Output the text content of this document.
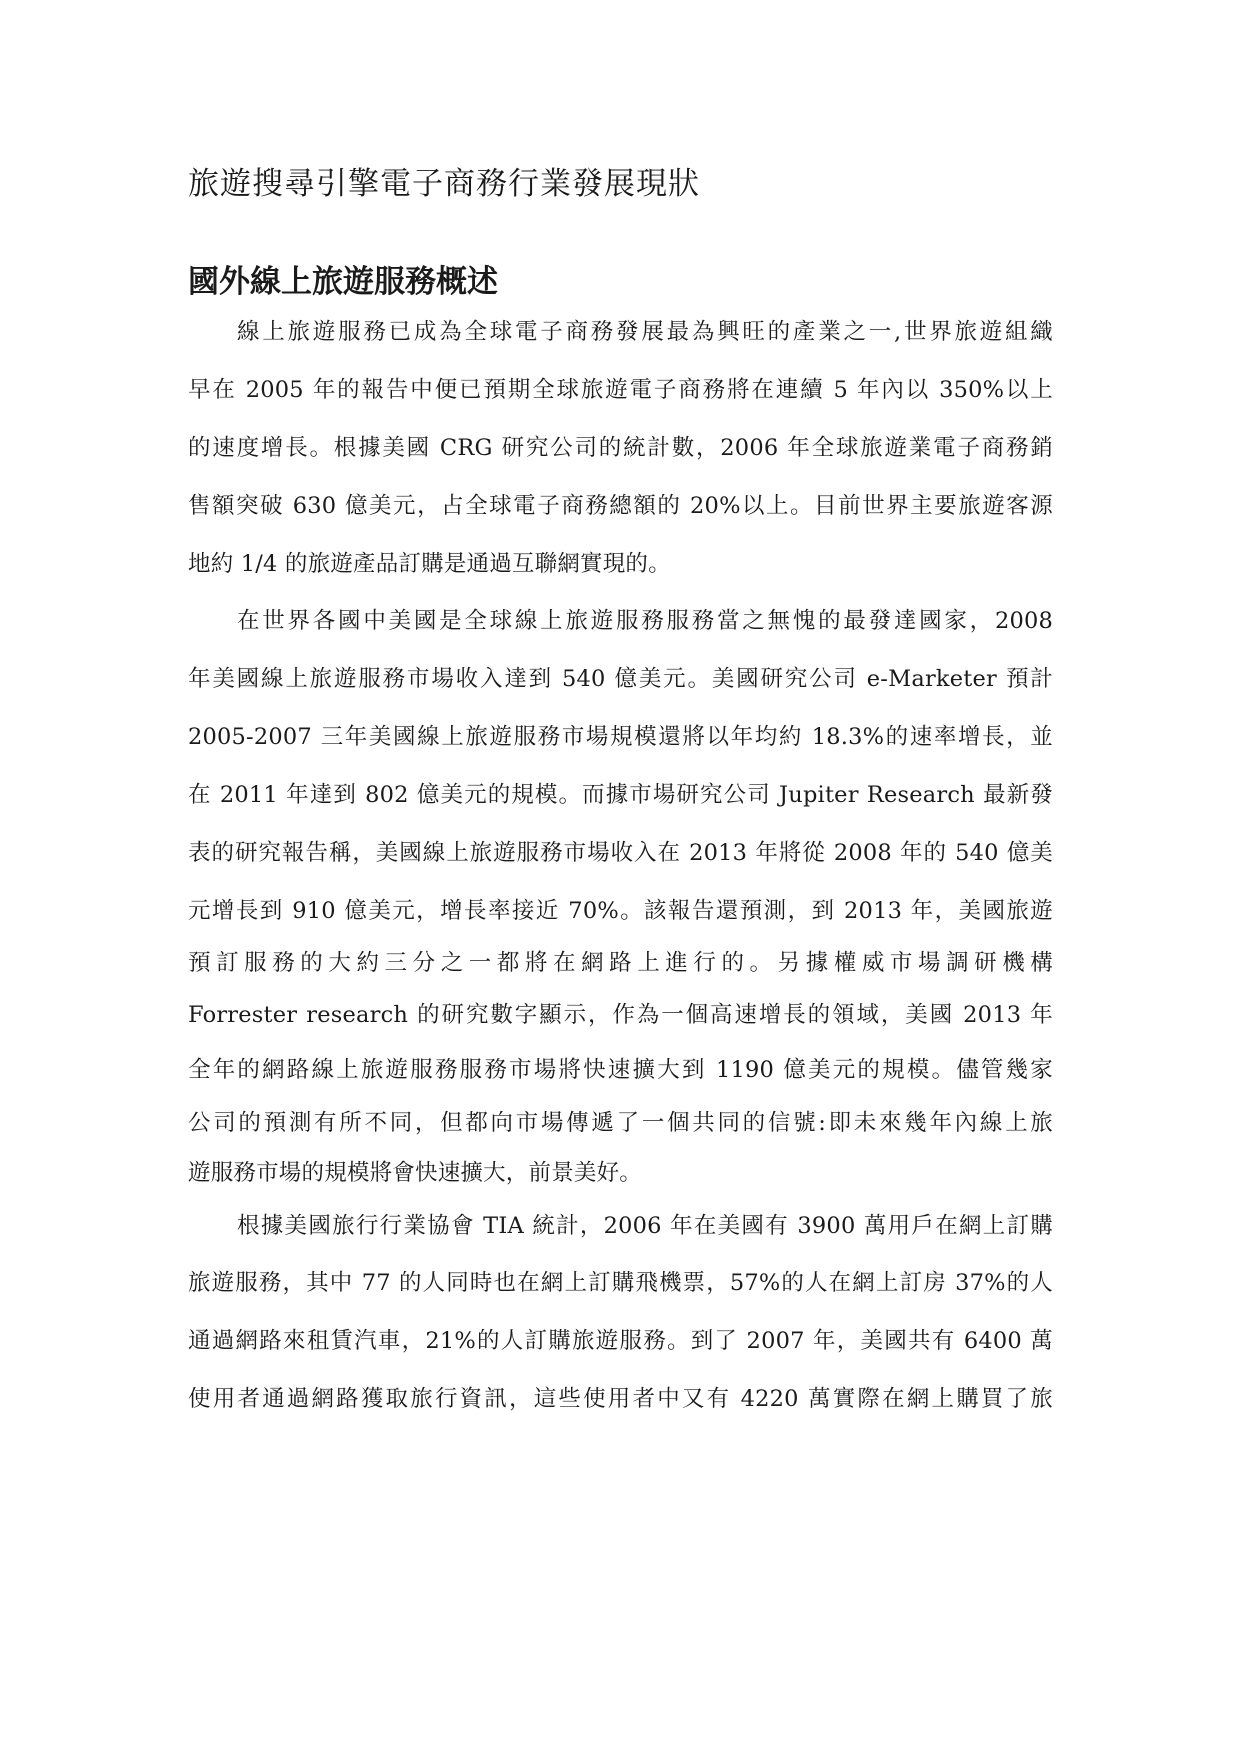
旅遊搜尋引擎電子商務行業發展現狀
國外線上旅遊服務概述
線上旅遊服務已成為全球電子商務發展最為興旺的產業之一,世界旅遊組織
早在 2005 年的報告中便已預期全球旅遊電子商務將在連續 5 年內以 350%以上
的速度增長。根據美國 CRG 研究公司的統計數，2006 年全球旅遊業電子商務銷
售額突破 630 億美元，占全球電子商務總額的 20%以上。目前世界主要旅遊客源
地約 1/4 的旅遊產品訂購是通過互聯網實現的。
在世界各國中美國是全球線上旅遊服務服務當之無愧的最發達國家，2008
年美國線上旅遊服務市場收入達到 540 億美元。美國研究公司 e-Marketer 預計
2005-2007 三年美國線上旅遊服務市場規模還將以年均約 18.3%的速率增長，並
在 2011 年達到 802 億美元的規模。而據市場研究公司 Jupiter Research 最新發
表的研究報告稱，美國線上旅遊服務市場收入在 2013 年將從 2008 年的 540 億美
元增長到 910 億美元，增長率接近 70%。該報告還預測，到 2013 年，美國旅遊
預訂服務的大約三分之一都將在網路上進行的。另據權威市場調研機構
Forrester research 的研究數字顯示，作為一個高速增長的領域，美國 2013 年
全年的網路線上旅遊服務服務市場將快速擴大到 1190 億美元的規模。儘管幾家
公司的預測有所不同，但都向市場傳遞了一個共同的信號:即未來幾年內線上旅
遊服務市場的規模將會快速擴大，前景美好。
根據美國旅行行業協會 TIA 統計，2006 年在美國有 3900 萬用戶在網上訂購
旅遊服務，其中 77 的人同時也在網上訂購飛機票，57%的人在網上訂房 37%的人
通過網路來租賃汽車，21%的人訂購旅遊服務。到了 2007 年，美國共有 6400 萬
使用者通過網路獲取旅行資訊，這些使用者中又有 4220 萬實際在網上購買了旅
